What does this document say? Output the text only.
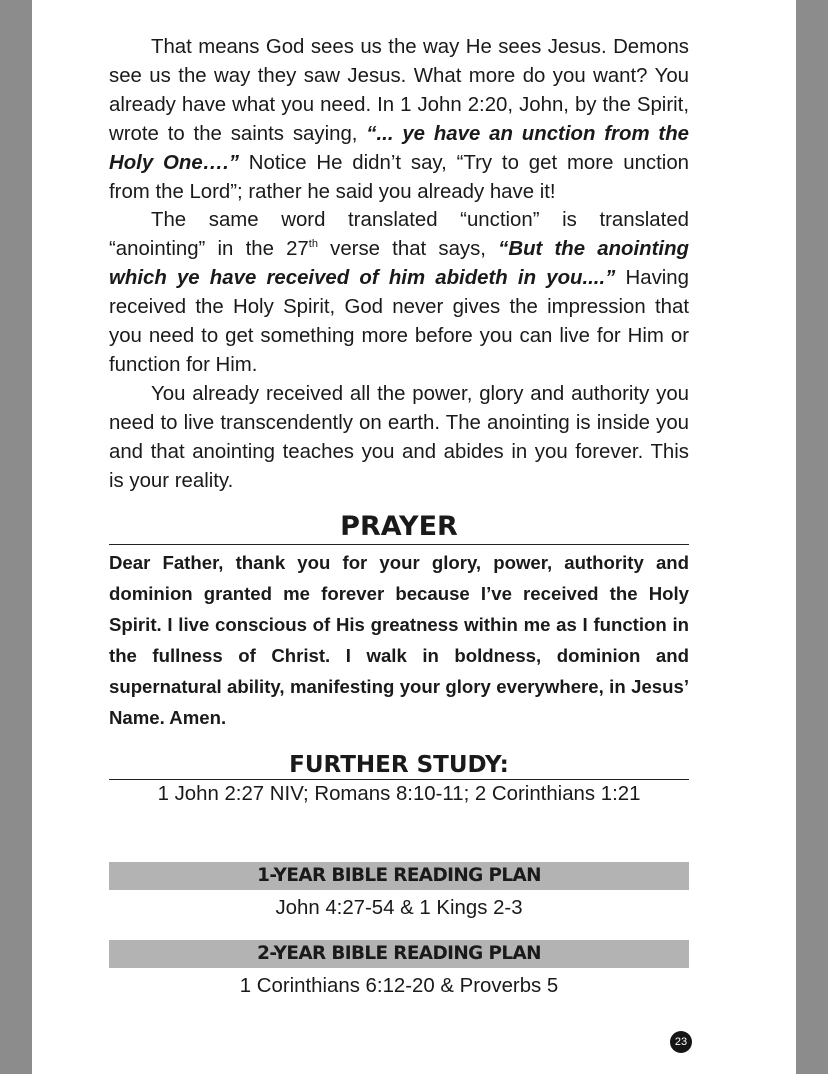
That means God sees us the way He sees Jesus. Demons see us the way they saw Jesus. What more do you want? You already have what you need. In 1 John 2:20, John, by the Spirit, wrote to the saints saying, “... ye have an unction from the Holy One….” Notice He didn’t say, “Try to get more unction from the Lord”; rather he said you already have it!

The same word translated “unction” is translated “anointing” in the 27th verse that says, “But the anointing which ye have received of him abideth in you....” Having received the Holy Spirit, God never gives the impression that you need to get something more before you can live for Him or function for Him.

You already received all the power, glory and authority you need to live transcendently on earth. The anointing is inside you and that anointing teaches you and abides in you forever. This is your reality.

PRAYER

Dear Father, thank you for your glory, power, authority and dominion granted me forever because I’ve received the Holy Spirit. I live conscious of His greatness within me as I function in the fullness of Christ. I walk in boldness, dominion and supernatural ability, manifesting your glory everywhere, in Jesus’ Name. Amen.

FURTHER STUDY:

1 John 2:27 NIV; Romans 8:10-11; 2 Corinthians 1:21

1-YEAR BIBLE READING PLAN

John 4:27-54 & 1 Kings 2-3

2-YEAR BIBLE READING PLAN

1 Corinthians 6:12-20 & Proverbs 5

23
